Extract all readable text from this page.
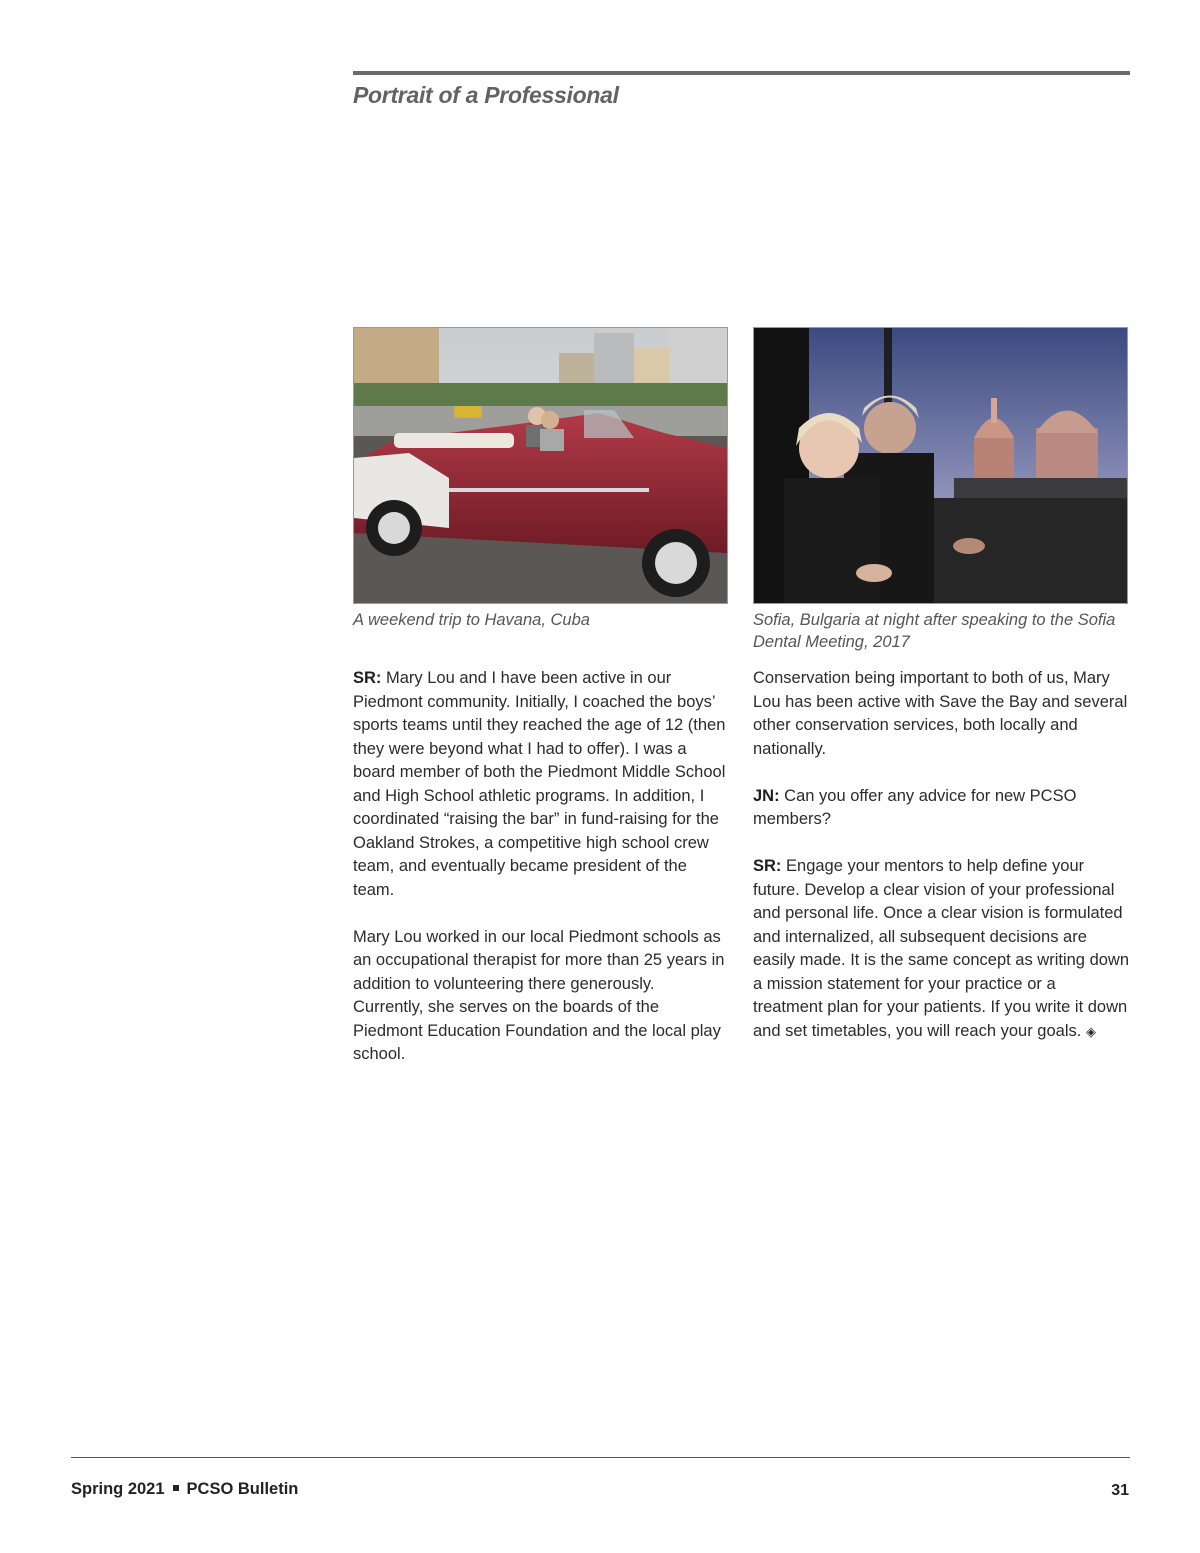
Portrait of a Professional

A weekend trip to Havana, Cuba	Sofia, Bulgaria at night after speaking to the Sofia Dental Meeting, 2017

SR: Mary Lou and I have been active in our Piedmont community. Initially, I coached the boys’ sports teams until they reached the age of 12 (then they were beyond what I had to offer). I was a board member of both the Piedmont Middle School and High School athletic programs. In addition, I coordinated “raising the bar” in fund-raising for the Oakland Strokes, a competitive high school crew team, and eventually became president of the team.

Mary Lou worked in our local Piedmont schools as an occupational therapist for more than 25 years in addition to volunteering there generously. Currently, she serves on the boards of the Piedmont Education Foundation and the local play school.

Conservation being important to both of us, Mary Lou has been active with Save the Bay and several other conservation services, both locally and nationally.

JN: Can you offer any advice for new PCSO members?

SR: Engage your mentors to help define your future. Develop a clear vision of your professional and personal life. Once a clear vision is formulated and internalized, all subsequent decisions are easily made. It is the same concept as writing down a mission statement for your practice or a treatment plan for your patients. If you write it down and set timetables, you will reach your goals. ◈

Spring 2021 PCSO Bulletin	31
